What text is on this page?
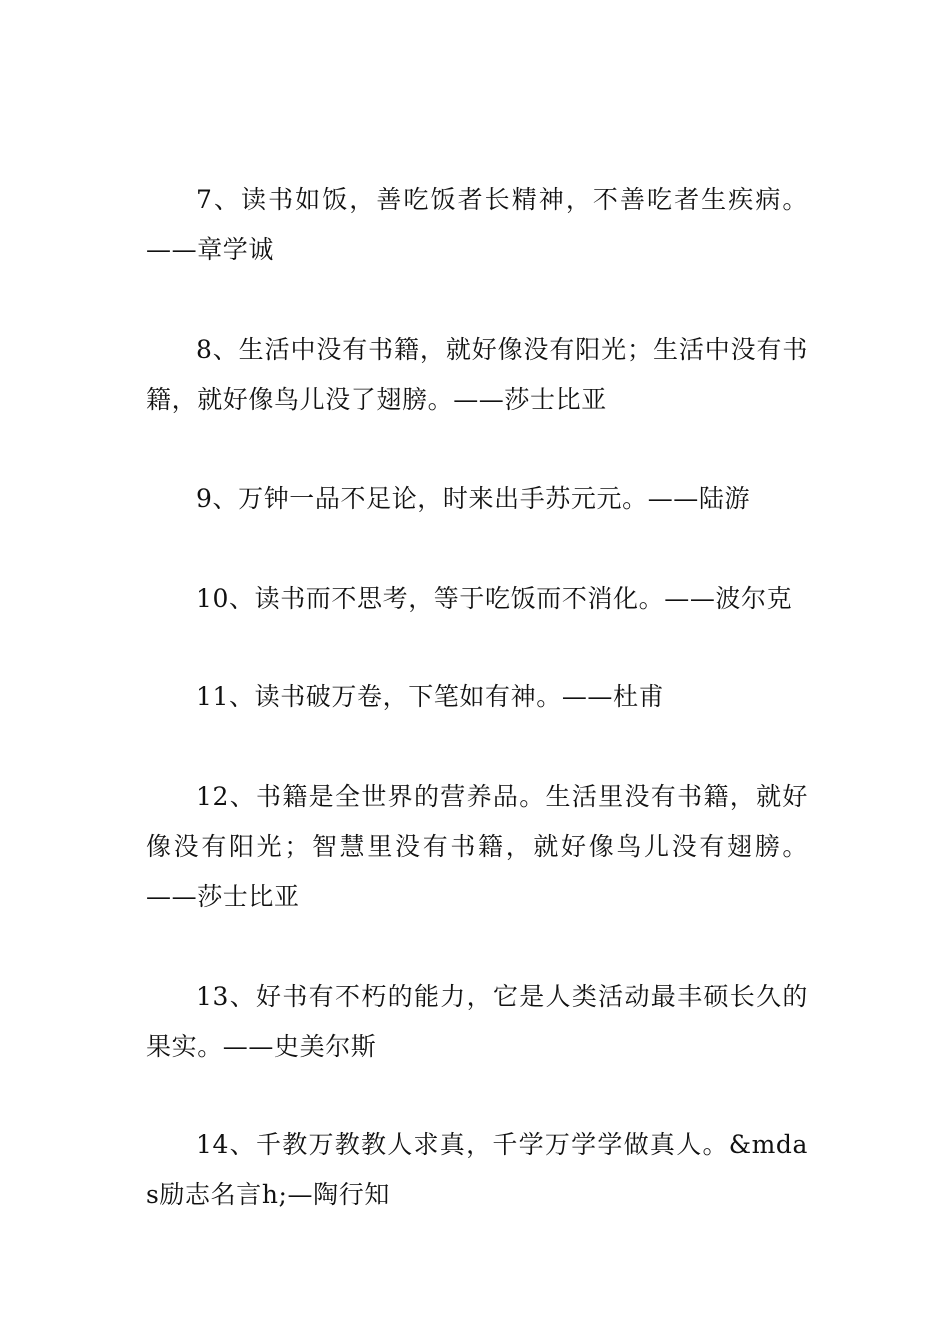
7、读书如饭，善吃饭者长精神，不善吃者生疾病。——章学诚

8、生活中没有书籍，就好像没有阳光；生活中没有书籍，就好像鸟儿没了翅膀。——莎士比亚

9、万钟一品不足论，时来出手苏元元。——陆游

10、读书而不思考，等于吃饭而不消化。——波尔克

11、读书破万卷，下笔如有神。——杜甫

12、书籍是全世界的营养品。生活里没有书籍，就好像没有阳光；智慧里没有书籍，就好像鸟儿没有翅膀。——莎士比亚

13、好书有不朽的能力，它是人类活动最丰硕长久的果实。——史美尔斯

14、千教万教教人求真，千学万学学做真人。&mdas励志名言h;—陶行知
